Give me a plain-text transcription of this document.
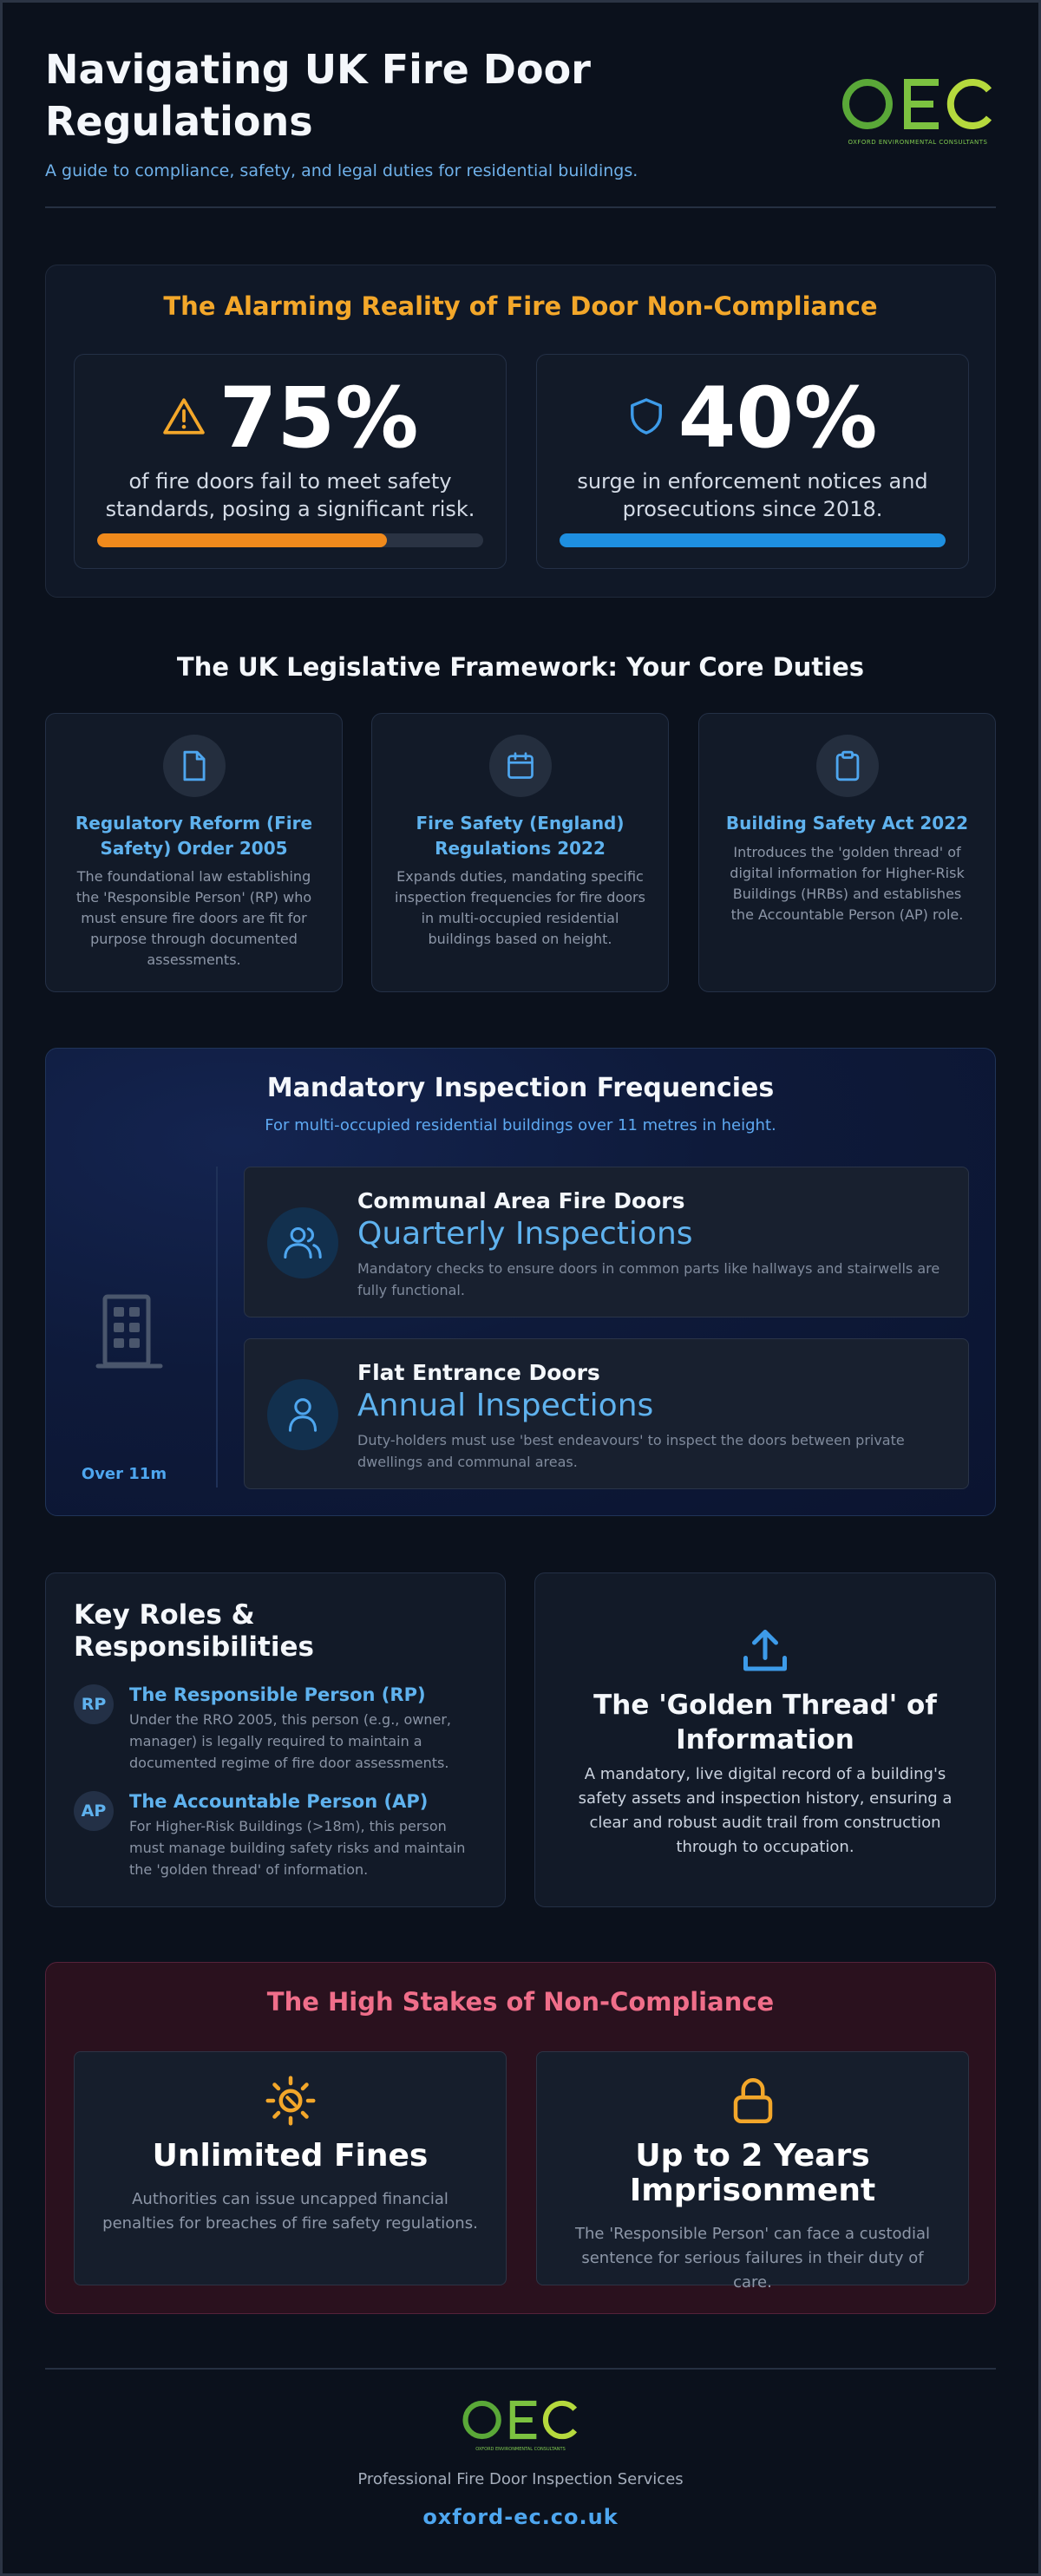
Navigating UK Fire Door Regulations
A guide to compliance, safety, and legal duties for residential buildings.
OXFORD ENVIRONMENTAL CONSULTANTS
The Alarming Reality of Fire Door Non-Compliance
75%
of fire doors fail to meet safety standards, posing a significant risk.
40%
surge in enforcement notices and prosecutions since 2018.
The UK Legislative Framework: Your Core Duties
Regulatory Reform (Fire Safety) Order 2005
The foundational law establishing the 'Responsible Person' (RP) who must ensure fire doors are fit for purpose through documented assessments.
Fire Safety (England) Regulations 2022
Expands duties, mandating specific inspection frequencies for fire doors in multi-occupied residential buildings based on height.
Building Safety Act 2022
Introduces the 'golden thread' of digital information for Higher-Risk Buildings (HRBs) and establishes the Accountable Person (AP) role.
Mandatory Inspection Frequencies
For multi-occupied residential buildings over 11 metres in height.
Over 11m
Communal Area Fire Doors
Quarterly Inspections
Mandatory checks to ensure doors in common parts like hallways and stairwells are fully functional.
Flat Entrance Doors
Annual Inspections
Duty-holders must use 'best endeavours' to inspect the doors between private dwellings and communal areas.
Key Roles & Responsibilities
RP	The Responsible Person (RP)
Under the RRO 2005, this person (e.g., owner, manager) is legally required to maintain a documented regime of fire door assessments.
AP	The Accountable Person (AP)
For Higher-Risk Buildings (>18m), this person must manage building safety risks and maintain the 'golden thread' of information.
The 'Golden Thread' of Information
A mandatory, live digital record of a building's safety assets and inspection history, ensuring a clear and robust audit trail from construction through to occupation.
The High Stakes of Non-Compliance
Unlimited Fines
Authorities can issue uncapped financial penalties for breaches of fire safety regulations.
Up to 2 Years Imprisonment
The 'Responsible Person' can face a custodial sentence for serious failures in their duty of care.
OXFORD ENVIRONMENTAL CONSULTANTS
Professional Fire Door Inspection Services
oxford-ec.co.uk
